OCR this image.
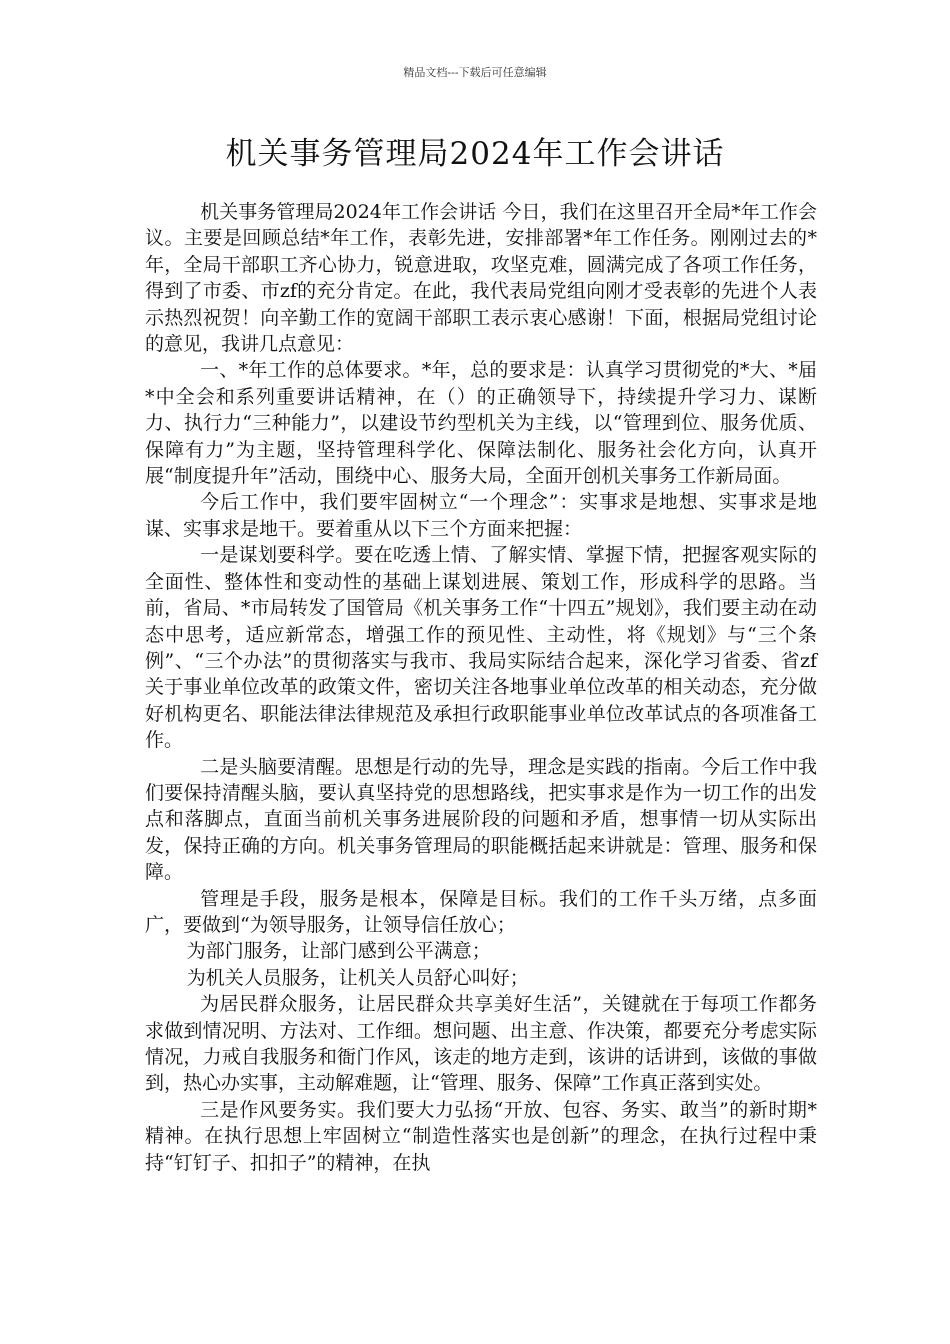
精品文档---下载后可任意编辑
机关事务管理局2024年工作会讲话

机关事务管理局2024年工作会讲话 今日，我们在这里召开全局*年工作会议。主要是回顾总结*年工作，表彰先进，安排部署*年工作任务。刚刚过去的*年，全局干部职工齐心协力，锐意进取，攻坚克难，圆满完成了各项工作任务，得到了市委、市zf的充分肯定。在此，我代表局党组向刚才受表彰的先进个人表示热烈祝贺！向辛勤工作的宽阔干部职工表示衷心感谢！下面，根据局党组讨论的意见，我讲几点意见：

一、*年工作的总体要求。*年，总的要求是：认真学习贯彻党的*大、*届*中全会和系列重要讲话精神，在（）的正确领导下，持续提升学习力、谋断力、执行力“三种能力”，以建设节约型机关为主线，以“管理到位、服务优质、保障有力”为主题，坚持管理科学化、保障法制化、服务社会化方向，认真开展“制度提升年”活动，围绕中心、服务大局，全面开创机关事务工作新局面。

今后工作中，我们要牢固树立“一个理念”：实事求是地想、实事求是地谋、实事求是地干。要着重从以下三个方面来把握：

一是谋划要科学。要在吃透上情、了解实情、掌握下情，把握客观实际的全面性、整体性和变动性的基础上谋划进展、策划工作，形成科学的思路。当前，省局、*市局转发了国管局《机关事务工作“十四五”规划》，我们要主动在动态中思考，适应新常态，增强工作的预见性、主动性，将《规划》与“三个条例”、“三个办法”的贯彻落实与我市、我局实际结合起来，深化学习省委、省zf关于事业单位改革的政策文件，密切关注各地事业单位改革的相关动态，充分做好机构更名、职能法律法律规范及承担行政职能事业单位改革试点的各项准备工作。

二是头脑要清醒。思想是行动的先导，理念是实践的指南。今后工作中我们要保持清醒头脑，要认真坚持党的思想路线，把实事求是作为一切工作的出发点和落脚点，直面当前机关事务进展阶段的问题和矛盾，想事情一切从实际出发，保持正确的方向。机关事务管理局的职能概括起来讲就是：管理、服务和保障。

管理是手段，服务是根本，保障是目标。我们的工作千头万绪，点多面广，要做到“为领导服务，让领导信任放心；

为部门服务，让部门感到公平满意；

为机关人员服务，让机关人员舒心叫好；

为居民群众服务，让居民群众共享美好生活”，关键就在于每项工作都务求做到情况明、方法对、工作细。想问题、出主意、作决策，都要充分考虑实际情况，力戒自我服务和衙门作风，该走的地方走到，该讲的话讲到，该做的事做到，热心办实事，主动解难题，让“管理、服务、保障”工作真正落到实处。

三是作风要务实。我们要大力弘扬“开放、包容、务实、敢当”的新时期*精神。在执行思想上牢固树立“制造性落实也是创新”的理念，在执行过程中秉持“钉钉子、扣扣子”的精神，在执
